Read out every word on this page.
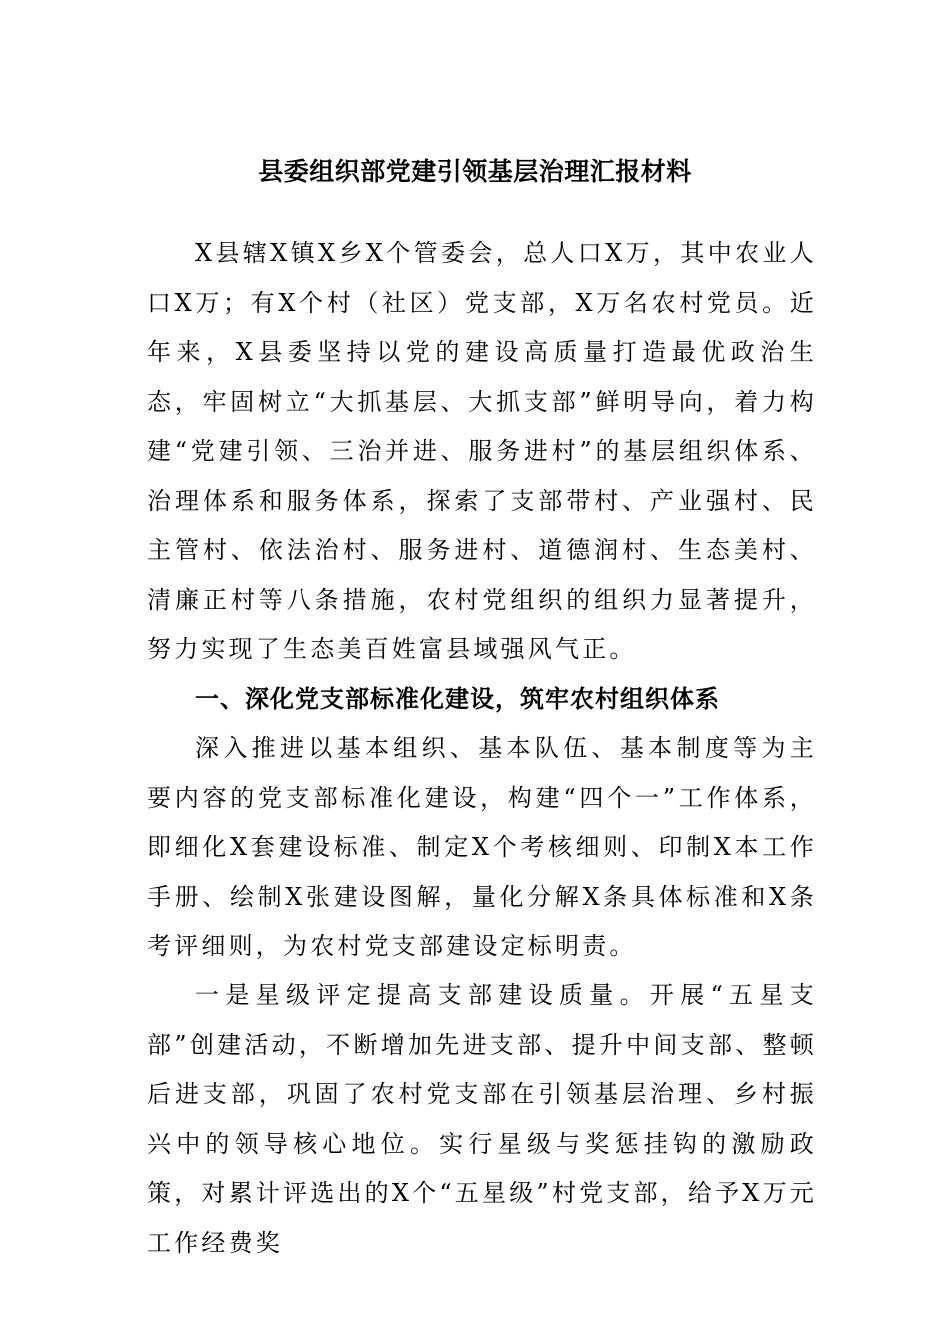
县委组织部党建引领基层治理汇报材料

X县辖X镇X乡X个管委会，总人口X万，其中农业人口X万；有X个村（社区）党支部，X万名农村党员。近年来，X县委坚持以党的建设高质量打造最优政治生态，牢固树立“大抓基层、大抓支部”鲜明导向，着力构建“党建引领、三治并进、服务进村”的基层组织体系、治理体系和服务体系，探索了支部带村、产业强村、民主管村、依法治村、服务进村、道德润村、生态美村、清廉正村等八条措施，农村党组织的组织力显著提升，努力实现了生态美百姓富县域强风气正。

一、深化党支部标准化建设，筑牢农村组织体系

深入推进以基本组织、基本队伍、基本制度等为主要内容的党支部标准化建设，构建“四个一”工作体系，即细化X套建设标准、制定X个考核细则、印制X本工作手册、绘制X张建设图解，量化分解X条具体标准和X条考评细则，为农村党支部建设定标明责。

一是星级评定提高支部建设质量。开展“五星支部”创建活动，不断增加先进支部、提升中间支部、整顿后进支部，巩固了农村党支部在引领基层治理、乡村振兴中的领导核心地位。实行星级与奖惩挂钩的激励政策，对累计评选出的X个“五星级”村党支部，给予X万元工作经费奖
